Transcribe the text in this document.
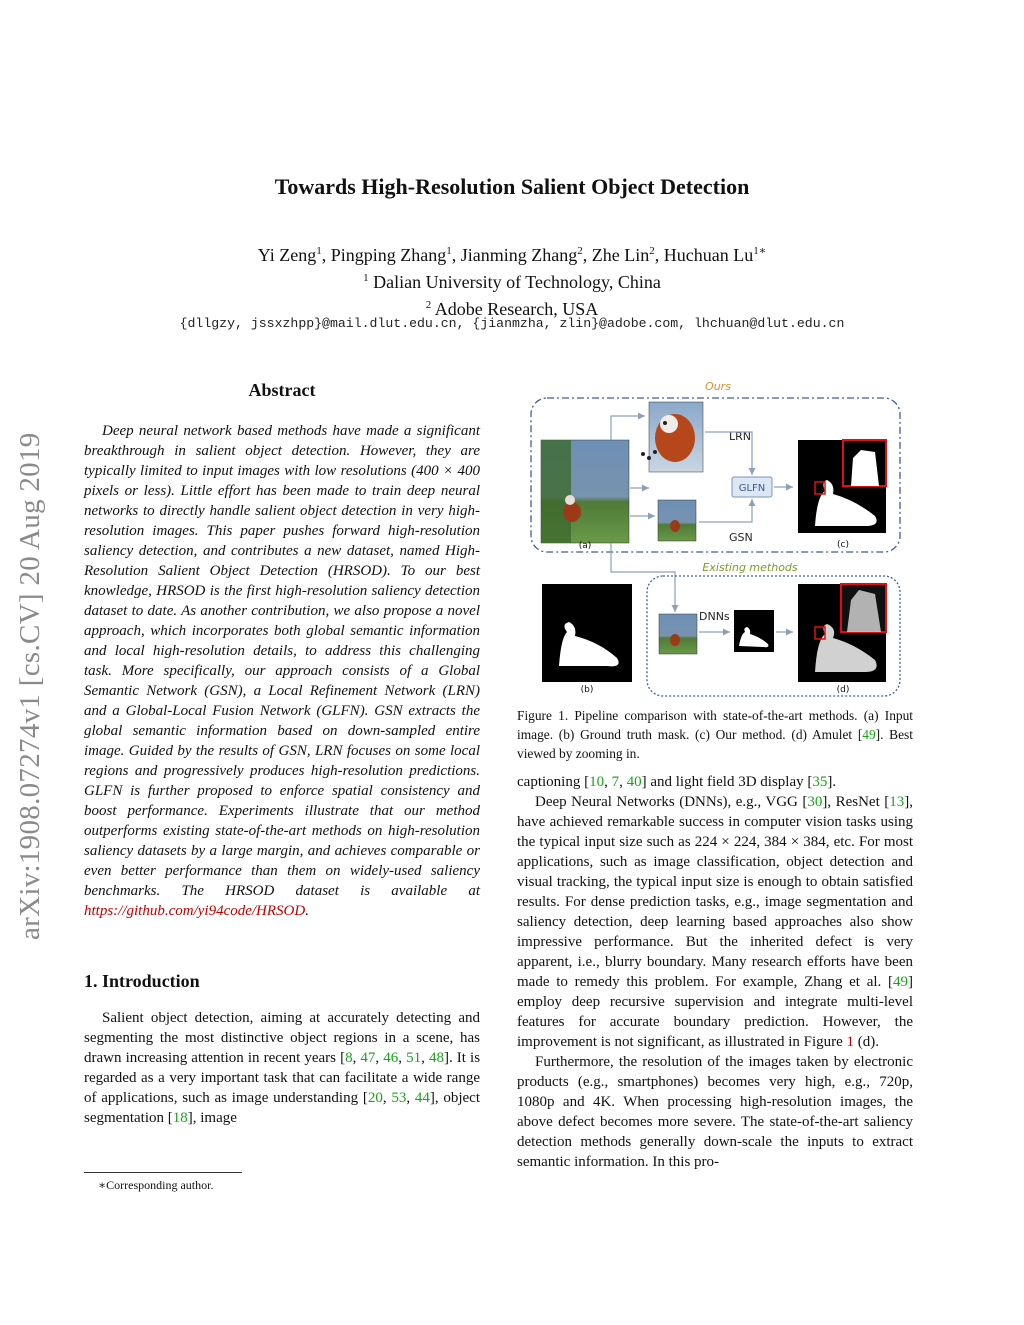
arXiv:1908.07274v1 [cs.CV] 20 Aug 2019
Towards High-Resolution Salient Object Detection
Yi Zeng$^1$, Pingping Zhang$^1$, Jianming Zhang$^2$, Zhe Lin$^2$, Huchuan $Lu^{1∗}$
$^1$ Dalian University of Technology, China
$^2$ Adobe Research, USA
{dllgzy, jssxzhpp}@mail.dlut.edu.cn, {jianmzha, zlin}@adobe.com, lhchuan@dlut.edu.cn
Abstract

Deep neural network based methods have made a significant breakthrough in salient object detection. However, they are typically limited to input images with low resolutions (400 × 400 pixels or less). Little effort has been made to train deep neural networks to directly handle salient object detection in very high-resolution images. This paper pushes forward high-resolution saliency detection, and contributes a new dataset, named High-Resolution Salient Object Detection (HRSOD). To our best knowledge, HRSOD is the first high-resolution saliency detection dataset to date. As another contribution, we also propose a novel approach, which incorporates both global semantic information and local high-resolution details, to address this challenging task. More specifically, our approach consists of a Global Semantic Network (GSN), a Local Refinement Network (LRN) and a Global-Local Fusion Network (GLFN). GSN extracts the global semantic information based on down-sampled entire image. Guided by the results of GSN, LRN focuses on some local regions and progressively produces high-resolution predictions. GLFN is further proposed to enforce spatial consistency and boost performance. Experiments illustrate that our method outperforms existing state-of-the-art methods on high-resolution saliency datasets by a large margin, and achieves comparable or even better performance than them on widely-used saliency benchmarks. The HRSOD dataset is available at https://github.com/yi94code/HRSOD.

1. Introduction

Salient object detection, aiming at accurately detecting and segmenting the most distinctive object regions in a scene, has drawn increasing attention in recent years [8, 47, 46, 51, 48]. It is regarded as a very important task that can facilitate a wide range of applications, such as image understanding [20, 53, 44], object segmentation [18], image

∗Corresponding author.
Ours
(a)
LRN
GLFN
GSN
(c)
Existing methods
(b)
DNNs
(d)

Figure 1. Pipeline comparison with state-of-the-art methods. (a) Input image. (b) Ground truth mask. (c) Our method. (d) Amulet [49]. Best viewed by zooming in.

captioning [10, 7, 40] and light field 3D display [35].

Deep Neural Networks (DNNs), e.g., VGG [30], ResNet [13], have achieved remarkable success in computer vision tasks using the typical input size such as 224 × 224, 384 × 384, etc. For most applications, such as image classification, object detection and visual tracking, the typical input size is enough to obtain satisfied results. For dense prediction tasks, e.g., image segmentation and saliency detection, deep learning based approaches also show impressive performance. But the inherited defect is very apparent, i.e., blurry boundary. Many research efforts have been made to remedy this problem. For example, Zhang et al. [49] employ deep recursive supervision and integrate multi-level features for accurate boundary prediction. However, the improvement is not significant, as illustrated in Figure 1 (d).

Furthermore, the resolution of the images taken by electronic products (e.g., smartphones) becomes very high, e.g., 720p, 1080p and 4K. When processing high-resolution images, the above defect becomes more severe. The state-of-the-art saliency detection methods generally down-scale the inputs to extract semantic information. In this pro-
